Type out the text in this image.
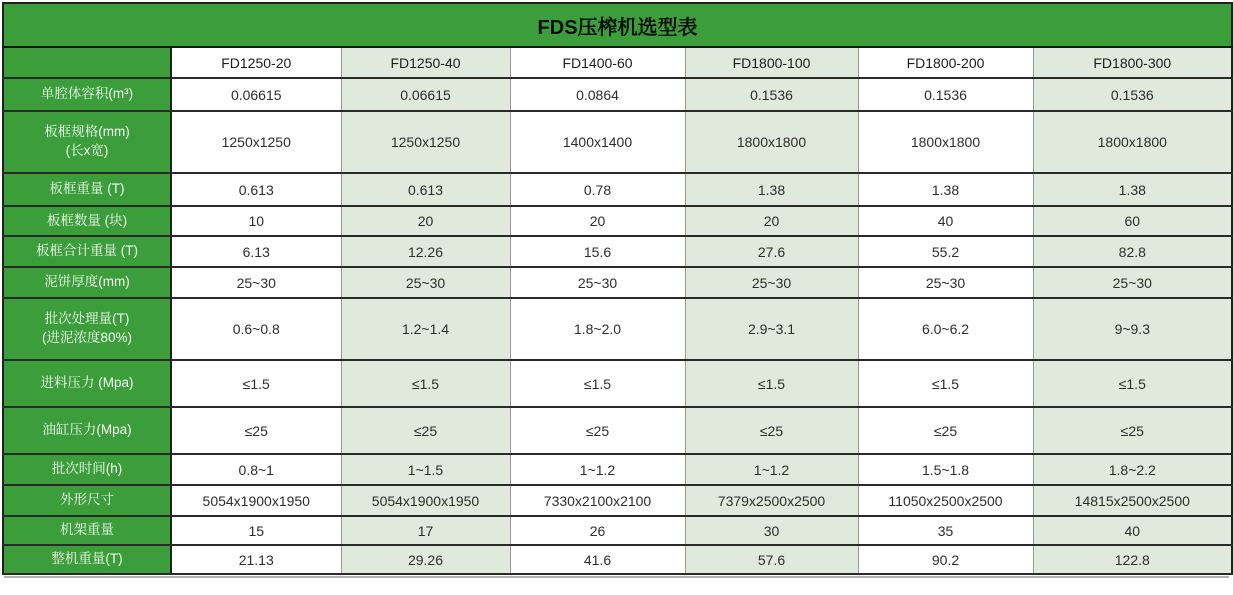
FDS压榨机选型表						
	FD1250-20	FD1250-40	FD1400-60	FD1800-100	FD1800-200	FD1800-300

单腔体容积(m³)	0.06615	0.06615	0.0864	0.1536	0.1536	0.1536

板框规格(mm)
(长x宽)	1250x1250	1250x1250	1400x1400	1800x1800	1800x1800	1800x1800

板框重量 (T)	0.613	0.613	0.78	1.38	1.38	1.38

板框数量 (块)	10	20	20	20	40	60

板框合计重量 (T)	6.13	12.26	15.6	27.6	55.2	82.8

泥饼厚度(mm)	25~30	25~30	25~30	25~30	25~30	25~30

批次处理量(T)
(进泥浓度80%)	0.6~0.8	1.2~1.4	1.8~2.0	2.9~3.1	6.0~6.2	9~9.3

进料压力 (Mpa)	≤1.5	≤1.5	≤1.5	≤1.5	≤1.5	≤1.5

油缸压力(Mpa)	≤25	≤25	≤25	≤25	≤25	≤25

批次时间(h)	0.8~1	1~1.5	1~1.2	1~1.2	1.5~1.8	1.8~2.2

外形尺寸	5054x1900x1950	5054x1900x1950	7330x2100x2100	7379x2500x2500	11050x2500x2500	14815x2500x2500

机架重量	15	17	26	30	35	40

整机重量(T)	21.13	29.26	41.6	57.6	90.2	122.8
